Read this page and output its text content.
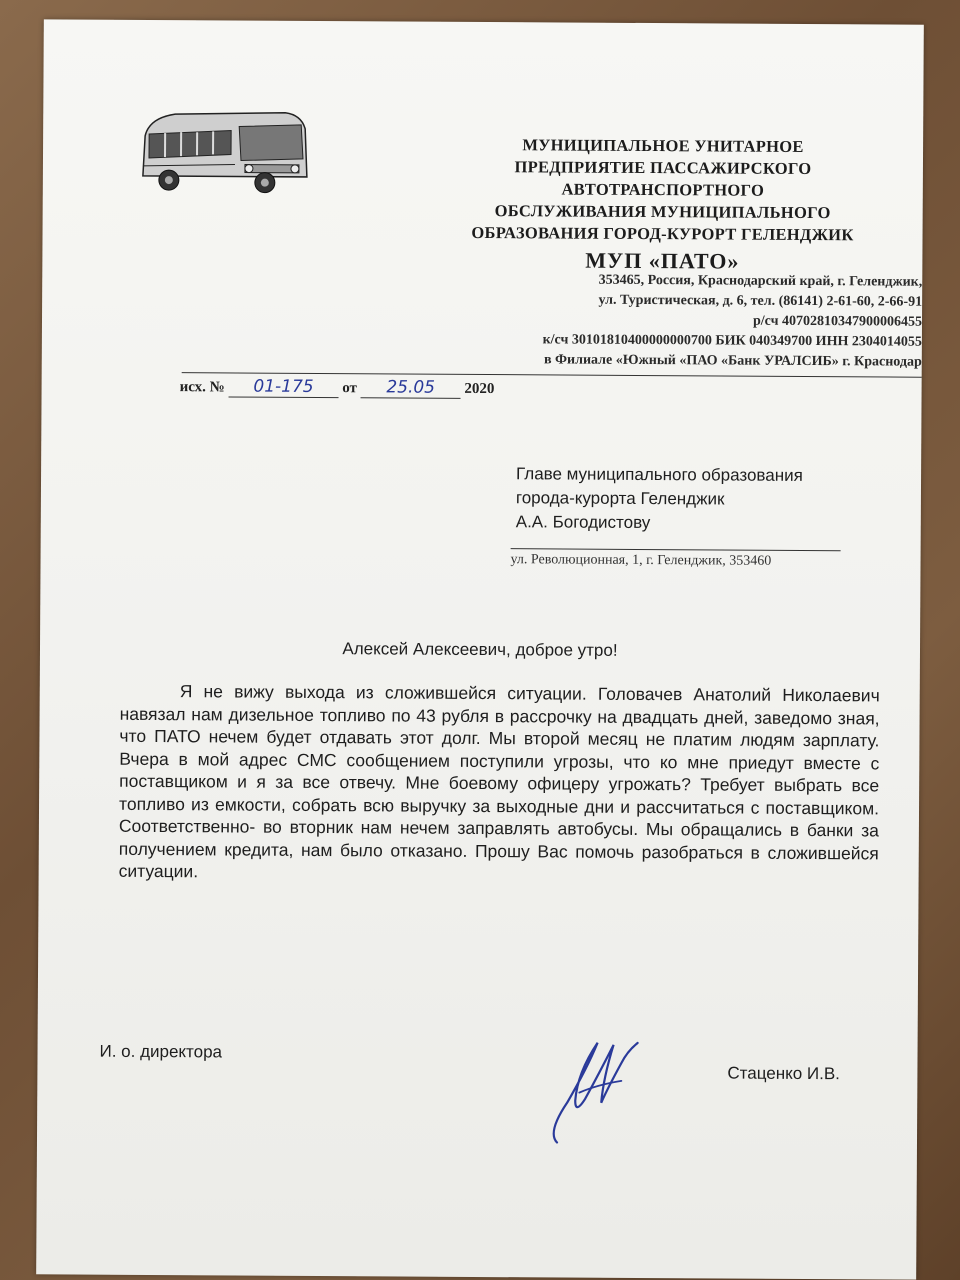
МУНИЦИПАЛЬНОЕ УНИТАРНОЕ
ПРЕДПРИЯТИЕ ПАССАЖИРСКОГО
АВТОТРАНСПОРТНОГО
ОБСЛУЖИВАНИЯ МУНИЦИПАЛЬНОГО
ОБРАЗОВАНИЯ ГОРОД-КУРОРТ ГЕЛЕНДЖИК
МУП «ПАТО»
353465, Россия, Краснодарский край, г. Геленджик,
ул. Туристическая, д. 6, тел. (86141) 2-61-60, 2-66-91
р/сч 40702810347900006455
к/сч 30101810400000000700 БИК 040349700 ИНН 2304014055
в Филиале «Южный «ПАО «Банк УРАЛСИБ» г. Краснодар
исх. № 01-175 от 25.05 2020
Главе муниципального образования
города-курорта Геленджик
А.А. Богодистову
ул. Революционная, 1, г. Геленджик, 353460
Алексей Алексеевич, доброе утро!
Я не вижу выхода из сложившейся ситуации. Головачев Анатолий Николаевич навязал нам дизельное топливо по 43 рубля в рассрочку на двадцать дней, заведомо зная, что ПАТО нечем будет отдавать этот долг. Мы второй месяц не платим людям зарплату. Вчера в мой адрес СМС сообщением поступили угрозы, что ко мне приедут вместе с поставщиком и я за все отвечу. Мне боевому офицеру угрожать? Требует выбрать все топливо из емкости, собрать всю выручку за выходные дни и рассчитаться с поставщиком. Соответственно- во вторник нам нечем заправлять автобусы. Мы обращались в банки за получением кредита, нам было отказано. Прошу Вас помочь разобраться в сложившейся ситуации.
И. о. директора
Стаценко И.В.
